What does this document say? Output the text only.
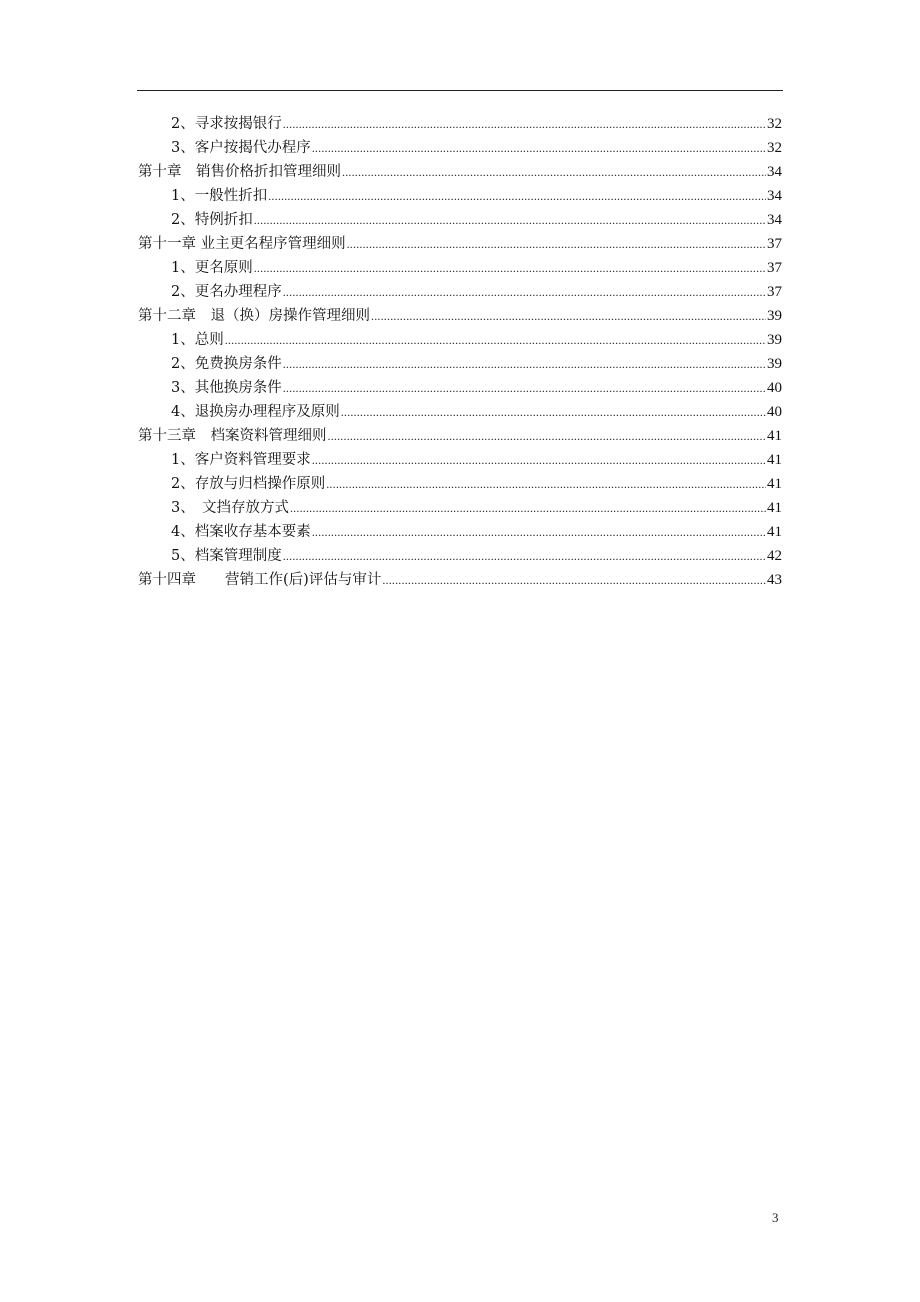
2、寻求按揭银行 .....	32
3、客户按揭代办程序 .....	32
第十章　销售价格折扣管理细则 .....	34
1、一般性折扣 .....	34
2、特例折扣 .....	34
第十一章 业主更名程序管理细则 .....	37
1、更名原则 .....	37
2、更名办理程序 .....	37
第十二章　退（换）房操作管理细则 .....	39
1、总则 .....	39
2、免费换房条件 .....	39
3、其他换房条件 .....	40
4、退换房办理程序及原则 .....	40
第十三章　档案资料管理细则 .....	41
1、客户资料管理要求 .....	41
2、存放与归档操作原则 .....	41
3、　文挡存放方式 .....	41
4、档案收存基本要素 .....	41
5、档案管理制度 .....	42
第十四章　　营销工作(后)评估与审计 .....	43
3
